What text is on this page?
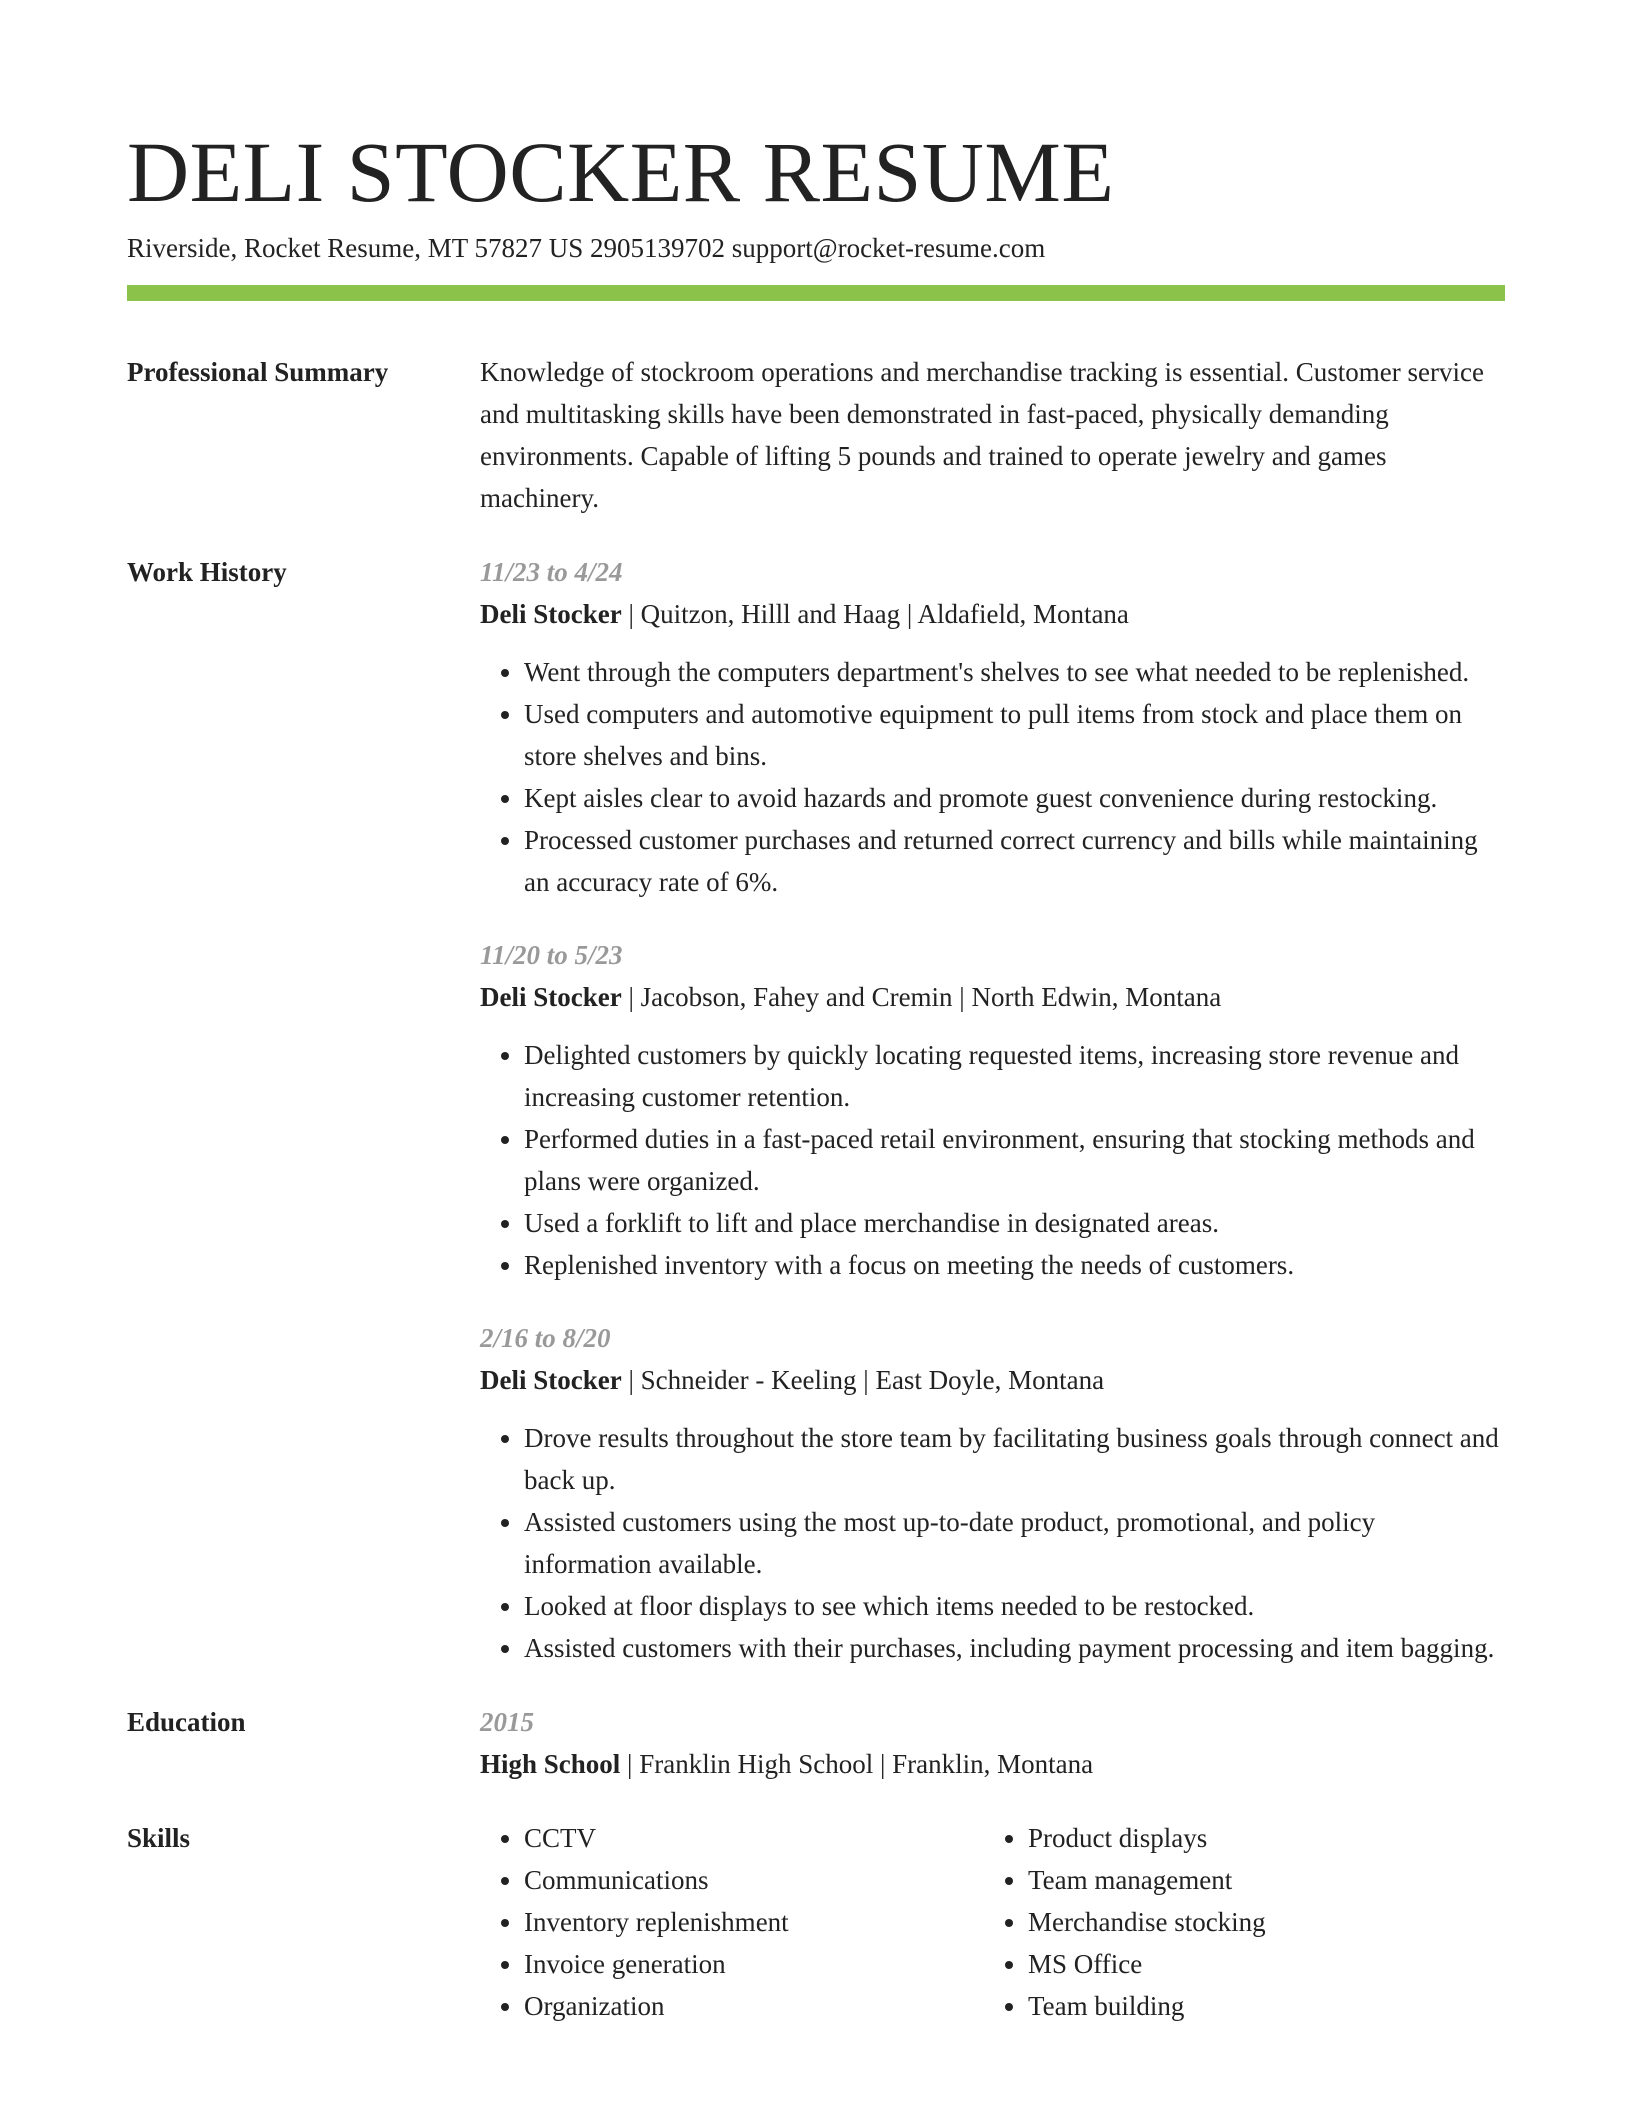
DELI STOCKER RESUME
Riverside, Rocket Resume, MT 57827 US 2905139702 support@rocket-resume.com
Professional Summary	Knowledge of stockroom operations and merchandise tracking is essential. Customer service and multitasking skills have been demonstrated in fast-paced, physically demanding environments. Capable of lifting 5 pounds and trained to operate jewelry and games machinery.
Work History	11/23 to 4/24
Deli Stocker | Quitzon, Hilll and Haag | Aldafield, Montana
• Went through the computers department's shelves to see what needed to be replenished.
• Used computers and automotive equipment to pull items from stock and place them on store shelves and bins.
• Kept aisles clear to avoid hazards and promote guest convenience during restocking.
• Processed customer purchases and returned correct currency and bills while maintaining an accuracy rate of 6%.
11/20 to 5/23
Deli Stocker | Jacobson, Fahey and Cremin | North Edwin, Montana
• Delighted customers by quickly locating requested items, increasing store revenue and increasing customer retention.
• Performed duties in a fast-paced retail environment, ensuring that stocking methods and plans were organized.
• Used a forklift to lift and place merchandise in designated areas.
• Replenished inventory with a focus on meeting the needs of customers.
2/16 to 8/20
Deli Stocker | Schneider - Keeling | East Doyle, Montana
• Drove results throughout the store team by facilitating business goals through connect and back up.
• Assisted customers using the most up-to-date product, promotional, and policy information available.
• Looked at floor displays to see which items needed to be restocked.
• Assisted customers with their purchases, including payment processing and item bagging.
Education	2015
High School | Franklin High School | Franklin, Montana
Skills
•	CCTV
• Communications
• Inventory replenishment
• Invoice generation
• Organization
• Product displays
• Team management
• Merchandise stocking
• MS Office
• Team building
